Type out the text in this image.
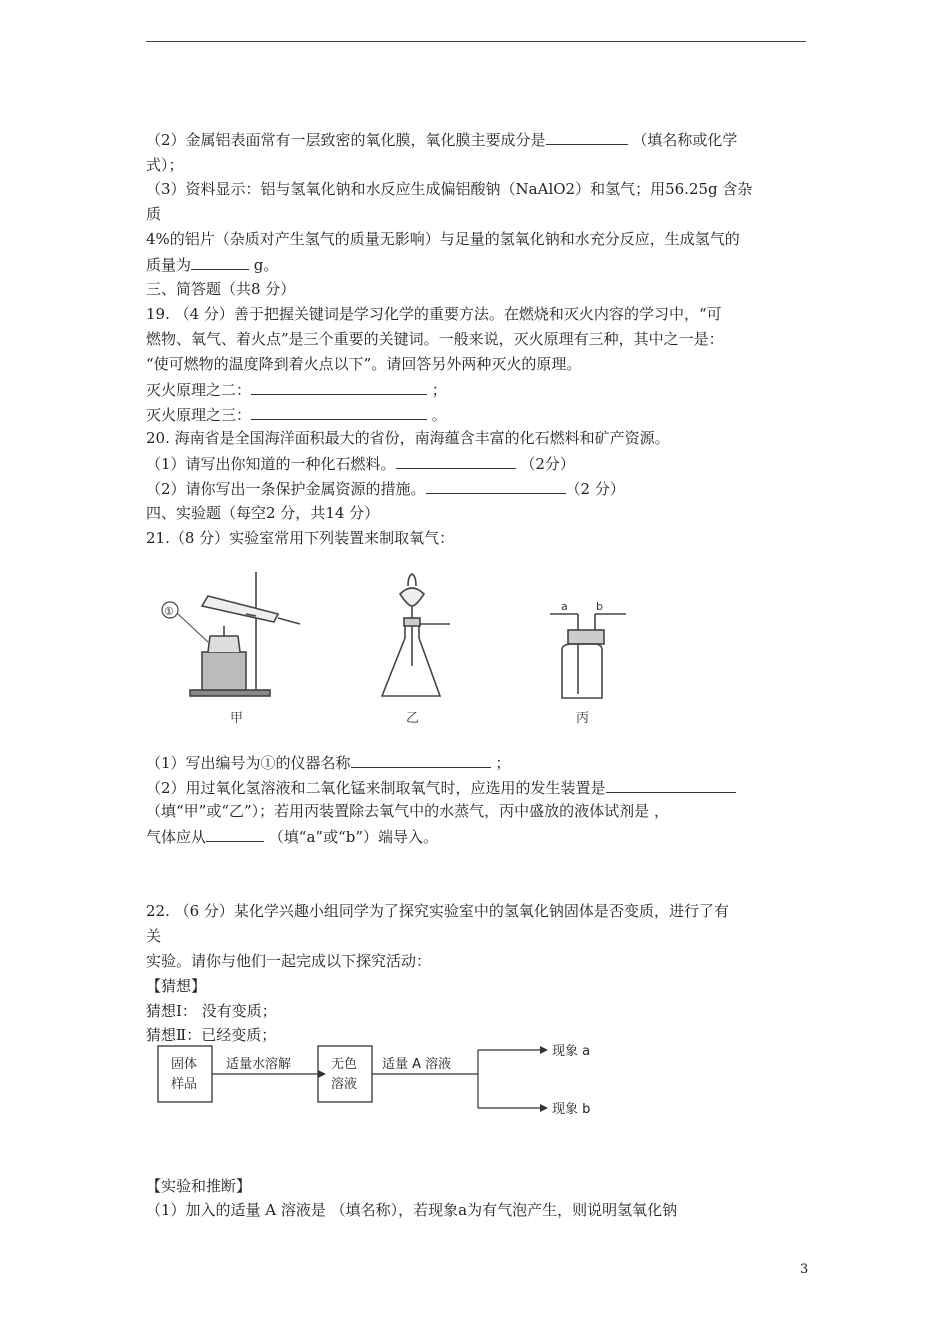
（2）金属铝表面常有一层致密的氧化膜，氧化膜主要成分是	（填名称或化学
式）；
（3）资料显示：铝与氢氧化钠和水反应生成偏铝酸钠（NaAlO2）和氢气；用56.25g 含杂
质
4%的铝片（杂质对产生氢气的质量无影响）与足量的氢氧化钠和水充分反应，生成氢气的
质量为	g。
三、简答题（共8 分）
19. （4 分）善于把握关键词是学习化学的重要方法。在燃烧和灭火内容的学习中，“可
燃物、氧气、着火点”是三个重要的关键词。一般来说，灭火原理有三种，其中之一是：
“使可燃物的温度降到着火点以下”。请回答另外两种灭火的原理。
灭火原理之二：	；
灭火原理之三：	。
20. 海南省是全国海洋面积最大的省份，南海蕴含丰富的化石燃料和矿产资源。
（1）请写出你知道的一种化石燃料。	（2分）
（2）请你写出一条保护金属资源的措施。	（2 分）
四、实验题（每空2 分，共14 分）
21.（8 分）实验室常用下列装置来制取氧气：
（1）写出编号为①的仪器名称	；
（2）用过氧化氢溶液和二氧化锰来制取氧气时，应选用的发生装置是
（填“甲”或“乙”）；若用丙装置除去氧气中的水蒸气，丙中盛放的液体试剂是 ，
气体应从	（填“a”或“b”）端导入。
22. （6 分）某化学兴趣小组同学为了探究实验室中的氢氧化钠固体是否变质，进行了有
关
实验。请你与他们一起完成以下探究活动：
【猜想】
猜想Ⅰ： 没有变质；
猜想Ⅱ：已经变质；
【实验和推断】
（1）加入的适量 A 溶液是 （填名称），若现象a为有气泡产生，则说明氢氧化钠
①
甲	乙
a	b
丙
固体
样品
适量水溶解	无色
溶液
适量 A 溶液
现象 a
现象 b
3
